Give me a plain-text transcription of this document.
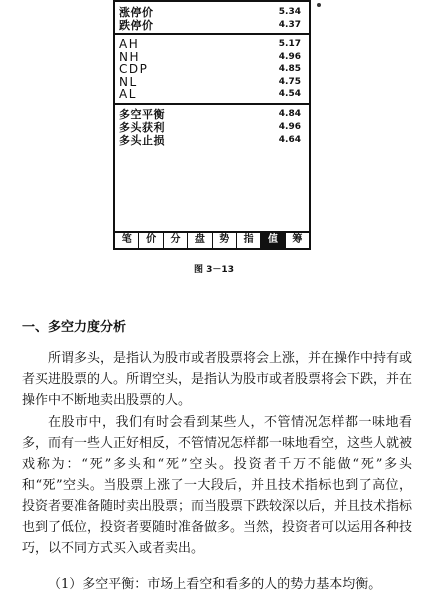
涨停价	5.34
跌停价	4.37
AH	5.17
NH	4.96
CDP	4.85
NL	4.75
AL	4.54
多空平衡	4.84
多头获利	4.96
多头止损	4.64
笔	价	分	盘	势	指	值	筹
图 3－13
一、多空力度分析

所谓多头，是指认为股市或者股票将会上涨，并在操作中持有或者买进股票的人。所谓空头，是指认为股市或者股票将会下跌，并在操作中不断地卖出股票的人。

在股市中，我们有时会看到某些人，不管情况怎样都一味地看多，而有一些人正好相反，不管情况怎样都一味地看空，这些人就被戏称为：“死”多头和“死”空头。投资者千万不能做“死”多头和“死”空头。当股票上涨了一大段后，并且技术指标也到了高位，投资者要准备随时卖出股票；而当股票下跌较深以后，并且技术指标也到了低位，投资者要随时准备做多。当然，投资者可以运用各种技巧，以不同方式买入或者卖出。

（1）多空平衡：市场上看空和看多的人的势力基本均衡。
